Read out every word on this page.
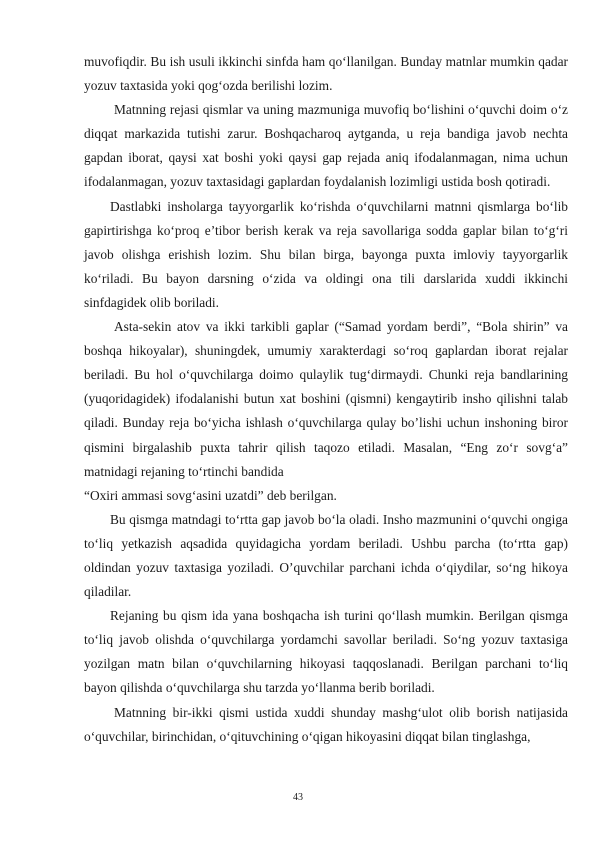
muvofiqdir. Bu ish usuli ikkinchi sinfda ham qo‘llanilgan. Bunday matnlar mumkin qadar yozuv taxtasida yoki qog‘ozda berilishi lozim.

Matnning rejasi qismlar va uning mazmuniga muvofiq bo‘lishini o‘quvchi doim o‘z diqqat markazida tutishi zarur. Boshqacharoq aytganda, u reja bandiga javob nechta gapdan iborat, qaysi xat boshi yoki qaysi gap rejada aniq ifodalanmagan, nima uchun ifodalanmagan, yozuv taxtasidagi gaplardan foydalanish lozimligi ustida bosh qotiradi.

Dastlabki insholarga tayyorgarlik ko‘rishda o‘quvchilarni matnni qismlarga bo‘lib gapirtirishga ko‘proq e’tibor berish kerak va reja savollariga sodda gaplar bilan to‘g‘ri javob olishga erishish lozim. Shu bilan birga, bayonga puxta imloviy tayyorgarlik ko‘riladi. Bu bayon darsning o‘zida va oldingi ona tili darslarida xuddi ikkinchi sinfdagidek olib boriladi.

Asta-sekin atov va ikki tarkibli gaplar (“Samad yordam berdi”, “Bola shirin” va boshqa hikoyalar), shuningdek, umumiy xarakterdagi so‘roq gaplardan iborat rejalar beriladi. Bu hol o‘quvchilarga doimo qulaylik tug‘dirmaydi. Chunki reja bandlarining (yuqoridagidek) ifodalanishi butun xat boshini (qismni) kengaytirib insho qilishni talab qiladi. Bunday reja bo‘yicha ishlash o‘quvchilarga qulay bo’lishi uchun inshoning biror qismini birgalashib puxta tahrir qilish taqozo etiladi. Masalan, “Eng zo‘r sovg‘a” matnidagi rejaning to‘rtinchi bandida

“Oxiri ammasi sovg‘asini uzatdi” deb berilgan.

Bu qismga matndagi to‘rtta gap javob bo‘la oladi. Insho mazmunini o‘quvchi ongiga to‘liq yetkazish aqsadida quyidagicha yordam beriladi. Ushbu parcha (to‘rtta gap) oldindan yozuv taxtasiga yoziladi. O’quvchilar parchani ichda o‘qiydilar, so‘ng hikoya qiladilar.

Rejaning bu qism ida yana boshqacha ish turini qo‘llash mumkin. Berilgan qismga to‘liq javob olishda o‘quvchilarga yordamchi savollar beriladi. So‘ng yozuv taxtasiga yozilgan matn bilan o‘quvchilarning hikoyasi taqqoslanadi. Berilgan parchani to‘liq bayon qilishda o‘quvchilarga shu tarzda yo‘llanma berib boriladi.

Matnning bir-ikki qismi ustida xuddi shunday mashg‘ulot olib borish natijasida o‘quvchilar, birinchidan, o‘qituvchining o‘qigan hikoyasini diqqat bilan tinglashga,

43
